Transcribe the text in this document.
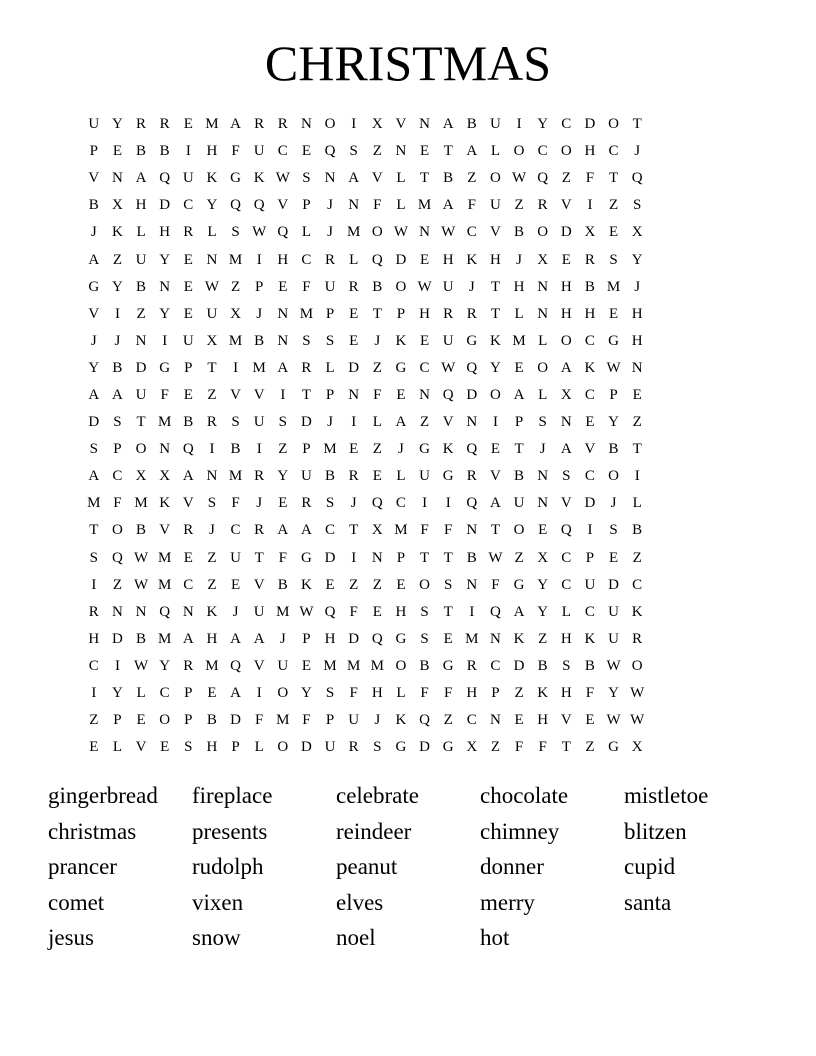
CHRISTMAS
U Y R R E M A R R N O	I	X V N A B U	I	Y C D O T
P E B B	I	H F U C E Q S Z N E T A L O C O H C	J
V N A Q U K G K W S N A V L T B Z O W Q Z F T Q
B X H D C Y Q Q V P	J	N F L M A F U Z R V	I	Z S
J	K L H R L S W Q L	J M O W N W C V B O D X E X
A Z U Y E N M I	H C R L Q D E H K H	J	X E R S Y
G Y B N E W Z P E F U R B O W U	J	T H N H B M J
V	I	Z Y E U X	J	N M P E T P H R R T L N H H E H
J	J	N	I	U X M B N S	S E	J	K E U G K M L O C G H
Y B D G P T	I M A R L D Z G C W Q Y E O A K W N
A A U F E Z V V	I	T P N F E N Q D O A L X C P E
D S T M B R S U S D	J	I	L A Z V N	I	P	S N E Y Z
S	P O N Q	I	B	I	Z P M E Z	J	G K Q E T	J	A V B T
A C X X A N M R Y U B R E L U G R V B N S C O	I
M F M K V S	F	J	E R S	J	Q C	I	I	Q A U N V D	J	L
T O B V R	J	C R A A C T X M F	F N T O E Q	I	S B
S Q W M E Z U T F G D	I	N P T T B W Z X C P E Z
I	Z W M C Z E V B K E Z Z E O S N F G Y C U D C
R N N Q N K	J	U M W Q F E H S T	I	Q A Y L C U K
H D B M A H A A	J	P H D Q G S E M N K Z H K U R
C	I W Y R M Q V U E M M M O B G R C D B S B W O
I	Y L C P E A	I	O Y S	F H L F	F H P Z K H F Y W
Z P E O P B D F M F	P U	J	K Q Z C N E H V E W W
E L V E S H P L O D U R S G D G X Z F	F T Z G X
gingerbread	fireplace	celebrate	chocolate	mistletoe
christmas	presents	reindeer	chimney	blitzen
prancer	rudolph	peanut	donner	cupid
comet	vixen	elves	merry	santa
jesus	snow	noel	hot
